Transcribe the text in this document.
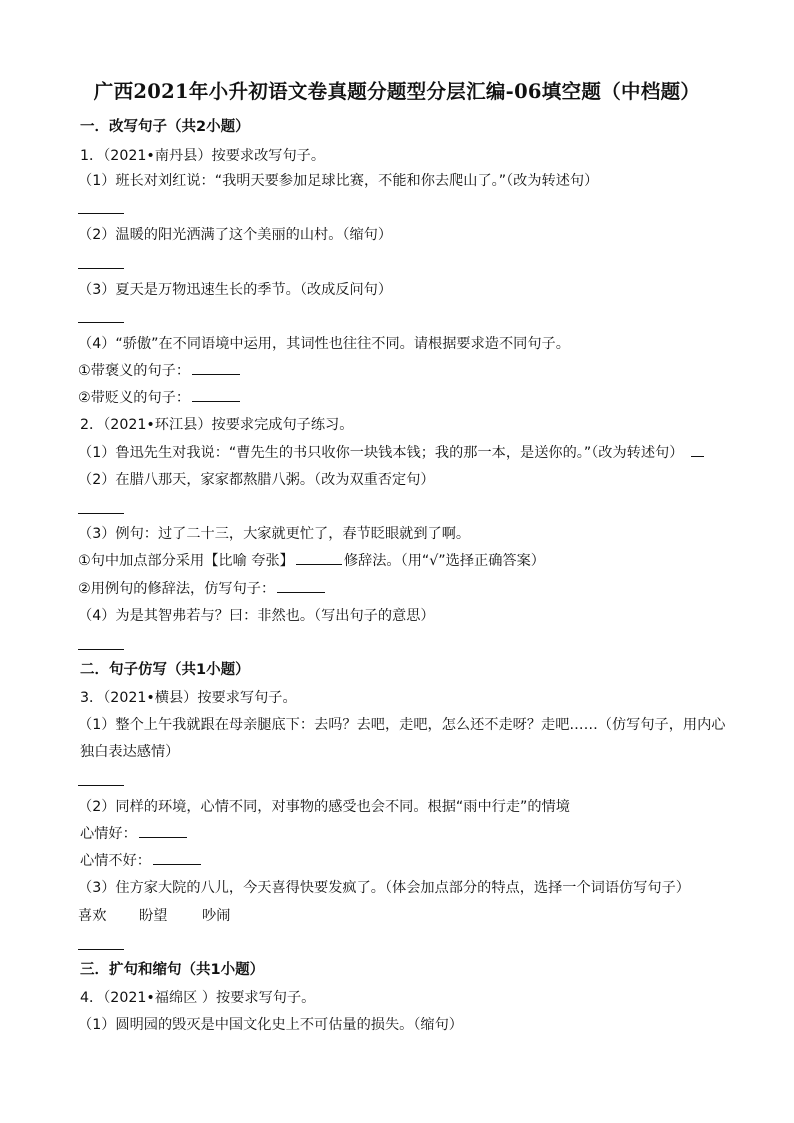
广西2021年小升初语文卷真题分题型分层汇编-06填空题（中档题）
一．改写句子（共2小题）
1．（2021•南丹县）按要求改写句子。
（1）班长对刘红说：“我明天要参加足球比赛，不能和你去爬山了。”（改为转述句）
（2）温暖的阳光洒满了这个美丽的山村。（缩句）
（3）夏天是万物迅速生长的季节。（改成反问句）
（4）“骄傲”在不同语境中运用，其词性也往往不同。请根据要求造不同句子。
①带褒义的句子：
②带贬义的句子：
2．（2021•环江县）按要求完成句子练习。
（1）鲁迅先生对我说：“曹先生的书只收你一块钱本钱；我的那一本，是送你的。”（改为转述句）
（2）在腊八那天，家家都熬腊八粥。（改为双重否定句）
（3）例句：过了二十三，大家就更忙了，春节眨眼就到了啊。
①句中加点部分采用【比喻 夸张】	修辞法。（用“√”选择正确答案）
②用例句的修辞法，仿写句子：
（4）为是其智弗若与？曰：非然也。（写出句子的意思）
二．句子仿写（共1小题）
3．（2021•横县）按要求写句子。
（1）整个上午我就跟在母亲腿底下：去吗？去吧，走吧，怎么还不走呀？走吧……（仿写句子，用内心
独白表达感情）
（2）同样的环境，心情不同，对事物的感受也会不同。根据“雨中行走”的情境
心情好：
心情不好：
（3）住方家大院的八儿，今天喜得快要发疯了。（体会加点部分的特点，选择一个词语仿写句子）
喜欢 盼望 吵闹
三．扩句和缩句（共1小题）
4．（2021•福绵区 ）按要求写句子。
（1）圆明园的毁灭是中国文化史上不可估量的损失。（缩句）
